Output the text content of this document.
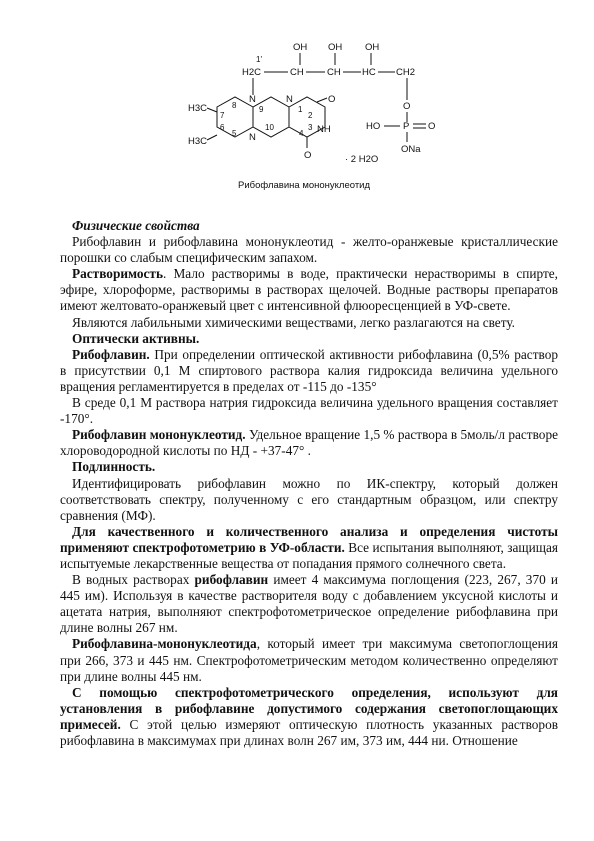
OH OH OH
1'
H2C	CH CH HC CH2
H3C
H3C
N	N	O
NH
N
O
8	9
7
1
2
6
5
10	3
4
O
HO P O
ONa
· 2 H2O
Рибофлавина мононуклеотид

Физические свойства

Рибофлавин и рибофлавина мононуклеотид - желто-оранжевые кристаллические порошки со слабым специфическим запахом.

Растворимость. Мало растворимы в воде, практически нерастворимы в спирте, эфире, хлороформе, растворимы в растворах щелочей. Водные растворы препаратов имеют желтовато-оранжевый цвет с интенсивной флюоресценцией в УФ-свете.

Являются лабильными химическими веществами, легко разлагаются на свету.

Оптически активны.

Рибофлавин. При определении оптической активности рибофлавина (0,5% раствор в присутствии 0,1 М спиртового раствора калия гидроксида величина удельного вращения регламентируется в пределах от -115 до -135°

В среде 0,1 М раствора натрия гидроксида величина удельного вращения составляет -170°.

Рибофлавин мононуклеотид. Удельное вращение 1,5 % раствора в 5моль/л растворе хлороводородной кислоты по НД - +37-47° .

Подлинность.

Идентифицировать рибофлавин можно по ИК-спектру, который должен соответствовать спектру, полученному с его стандартным образцом, или спектру сравнения (МФ).

Для качественного и количественного анализа и определения чистоты применяют спектрофотометрию в УФ-облacти. Все испытания выполняют, защищая испытуемые лекарственные вещества от попадания прямого солнечного света.

В водных растворах рибофлавин имеет 4 максимума поглощения (223, 267, 370 и 445 им). Используя в качестве растворителя воду с добавлением уксусной кислоты и ацетата натрия, выполняют спектрофотометрическое определение рибофлавина при длине волны 267 нм.

Рибофлавина-мононуклеотида, который имеет три максимума светопоглощения при 266, 373 и 445 нм. Спектрофотометрическим методом количественно определяют при длине волны 445 нм.

С помощью спектрофотометрического определения, используют для установления в рибофлавине допустимого содержания светопоглощающих примесей. С этой целью измеряют оптическую плотность указанных растворов рибофлавина в максимумах при длинах волн 267 им, 373 им, 444 ни. Отношение
